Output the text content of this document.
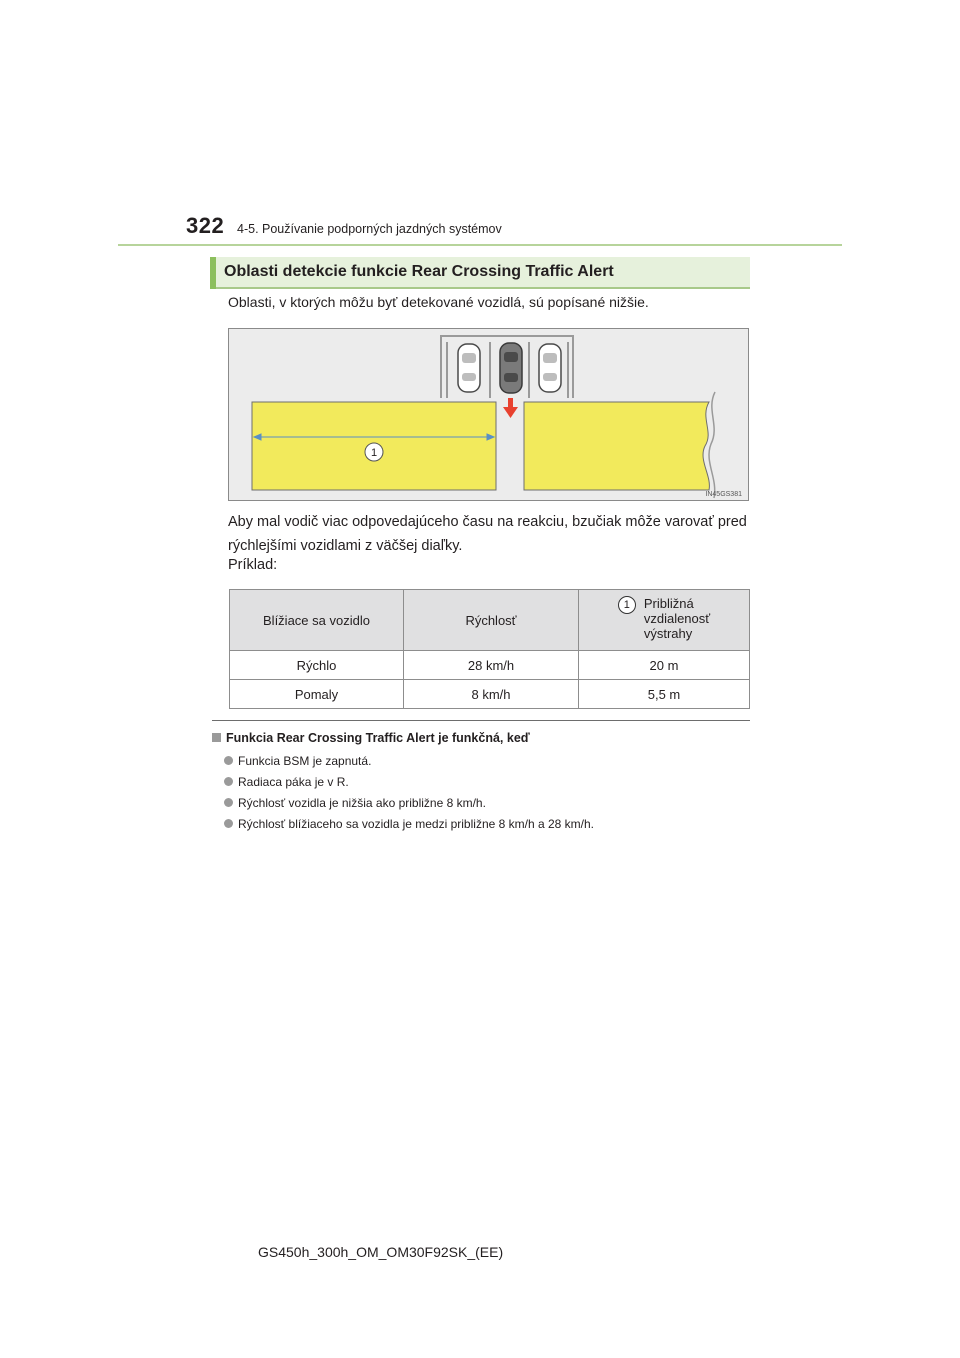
322 4-5. Používanie podporných jazdných systémov
Oblasti detekcie funkcie Rear Crossing Traffic Alert
Oblasti, v ktorých môžu byť detekované vozidlá, sú popísané nižšie.
1
IN45GS381
Aby mal vodič viac odpovedajúceho času na reakciu, bzučiak môže varovať pred rýchlejšími vozidlami z väčšej diaľky.
Príklad:
Blížiace sa vozidlo	Rýchlosť	1 Približná
vzdialenosť
výstrahy

Rýchlo	28 km/h	20 m
Pomaly	8 km/h	5,5 m
Funkcia Rear Crossing Traffic Alert je funkčná, keď
Funkcia BSM je zapnutá.
Radiaca páka je v R.
Rýchlosť vozidla je nižšia ako približne 8 km/h.
Rýchlosť blížiaceho sa vozidla je medzi približne 8 km/h a 28 km/h.
GS450h_300h_OM_OM30F92SK_(EE)
